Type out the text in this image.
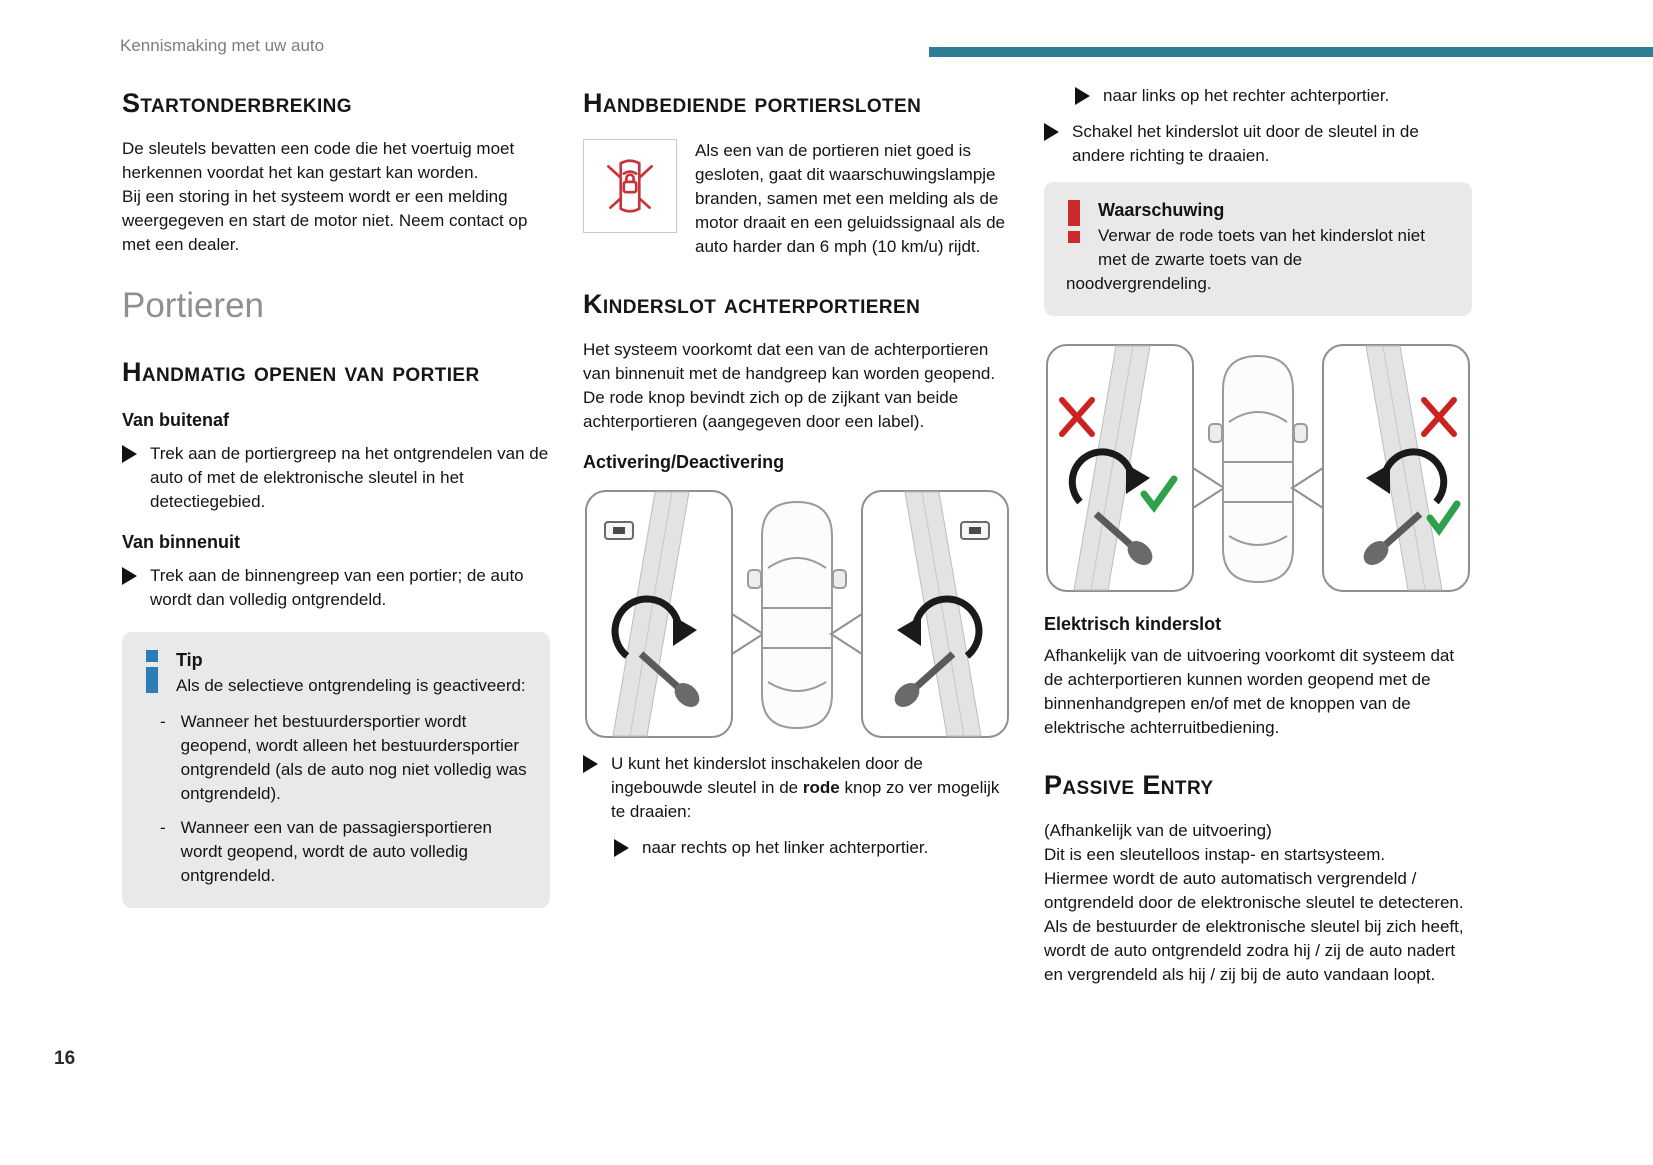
Kennismaking met uw auto
16
Startonderbreking

De sleutels bevatten een code die het voertuig moet herkennen voordat het kan gestart kan worden.

Bij een storing in het systeem wordt er een melding weergegeven en start de motor niet. Neem contact op met een dealer.

Portieren
Handmatig openen van portier
Van buitenaf
Trek aan de portiergreep na het ontgrendelen van de auto of met de elektronische sleutel in het detectiegebied.
Van binnenuit
Trek aan de binnengreep van een portier; de auto wordt dan volledig ontgrendeld.
Tip
Als de selectieve ontgrendeling is geactiveerd:
- Wanneer het bestuurdersportier wordt geopend, wordt alleen het bestuurdersportier ontgrendeld (als de auto nog niet volledig was ontgrendeld).
- Wanneer een van de passagiersportieren wordt geopend, wordt de auto volledig ontgrendeld.
Handbediende portiersloten

Als een van de portieren niet goed is gesloten, gaat dit waarschuwingslampje branden, samen met een melding als de motor draait en een geluidssignaal als de auto harder dan 6 mph (10 km/u) rijdt.

Kinderslot achterportieren

Het systeem voorkomt dat een van de achterportieren van binnenuit met de handgreep kan worden geopend.

De rode knop bevindt zich op de zijkant van beide achterportieren (aangegeven door een label).

Activering/Deactivering
U kunt het kinderslot inschakelen door de ingebouwde sleutel in de rode knop zo ver mogelijk te draaien:
naar rechts op het linker achterportier.
naar links op het rechter achterportier.
Schakel het kinderslot uit door de sleutel in de andere richting te draaien.
Waarschuwing
Verwar de rode toets van het kinderslot niet met de zwarte toets van de noodvergrendeling.
Elektrisch kinderslot

Afhankelijk van de uitvoering voorkomt dit systeem dat de achterportieren kunnen worden geopend met de binnenhandgrepen en/of met de knoppen van de elektrische achterruitbediening.

Passive Entry

(Afhankelijk van de uitvoering)

Dit is een sleutelloos instap- en startsysteem.

Hiermee wordt de auto automatisch vergrendeld / ontgrendeld door de elektronische sleutel te detecteren.

Als de bestuurder de elektronische sleutel bij zich heeft, wordt de auto ontgrendeld zodra hij / zij de auto nadert en vergrendeld als hij / zij bij de auto vandaan loopt.
